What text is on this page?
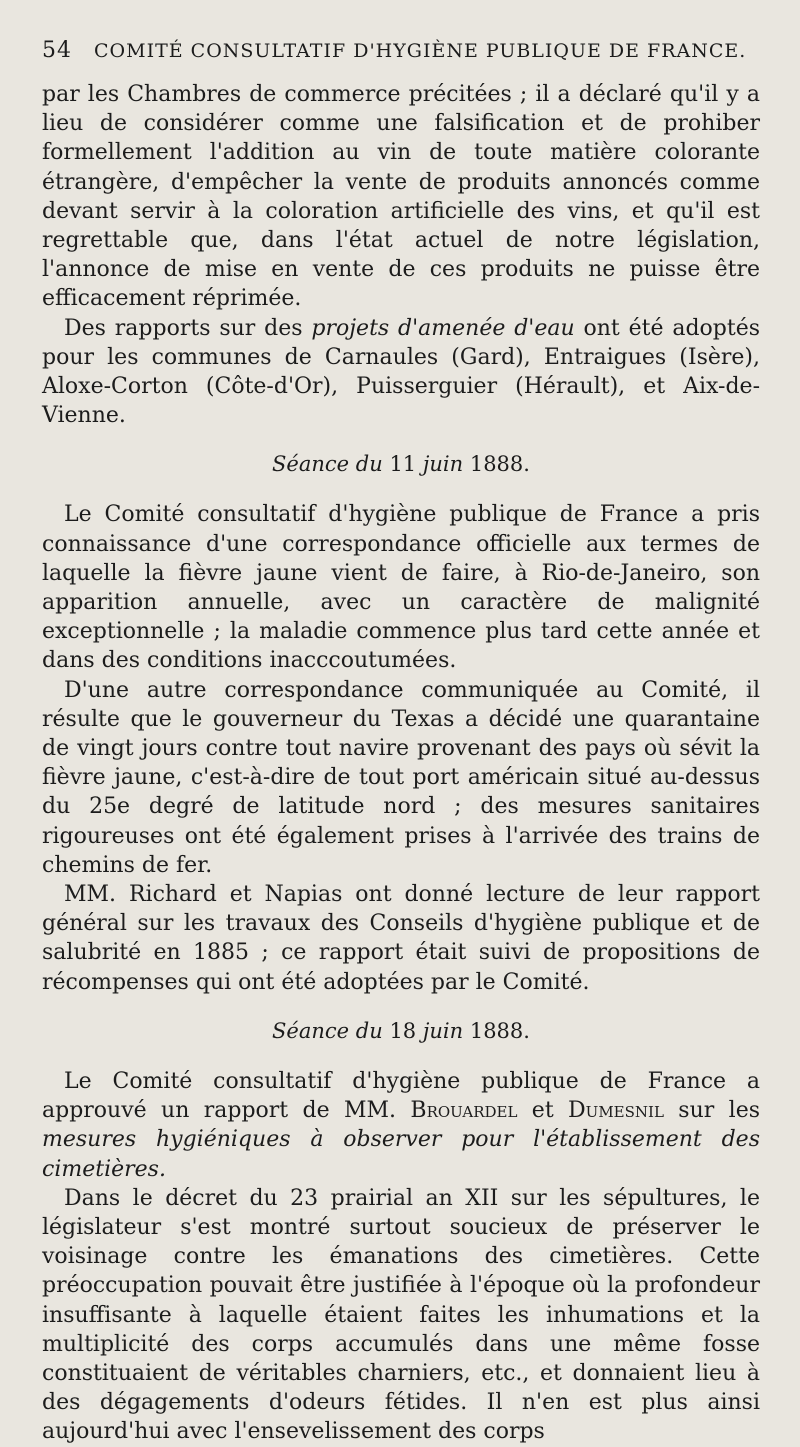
54 COMITÉ CONSULTATIF D'HYGIÈNE PUBLIQUE DE FRANCE.

par les Chambres de commerce précitées ; il a déclaré qu'il y a lieu de considérer comme une falsification et de prohiber formellement l'addition au vin de toute matière colorante étrangère, d'empêcher la vente de produits annoncés comme devant servir à la coloration artificielle des vins, et qu'il est regrettable que, dans l'état actuel de notre législation, l'annonce de mise en vente de ces produits ne puisse être efficacement réprimée.

Des rapports sur des projets d'amenée d'eau ont été adoptés pour les communes de Carnaules (Gard), Entraigues (Isère), Aloxe-Corton (Côte-d'Or), Puisserguier (Hérault), et Aix-de-Vienne.

Séance du 11 juin 1888.

Le Comité consultatif d'hygiène publique de France a pris connaissance d'une correspondance officielle aux termes de laquelle la fièvre jaune vient de faire, à Rio-de-Janeiro, son apparition annuelle, avec un caractère de malignité exceptionnelle ; la maladie commence plus tard cette année et dans des conditions inacccoutumées.

D'une autre correspondance communiquée au Comité, il résulte que le gouverneur du Texas a décidé une quarantaine de vingt jours contre tout navire provenant des pays où sévit la fièvre jaune, c'est-à-dire de tout port américain situé au-dessus du 25e degré de latitude nord ; des mesures sanitaires rigoureuses ont été également prises à l'arrivée des trains de chemins de fer.

MM. Richard et Napias ont donné lecture de leur rapport général sur les travaux des Conseils d'hygiène publique et de salubrité en 1885 ; ce rapport était suivi de propositions de récompenses qui ont été adoptées par le Comité.

Séance du 18 juin 1888.

Le Comité consultatif d'hygiène publique de France a approuvé un rapport de MM. Brouardel et Dumesnil sur les mesures hygiéniques à observer pour l'établissement des cimetières.

Dans le décret du 23 prairial an XII sur les sépultures, le législateur s'est montré surtout soucieux de préserver le voisinage contre les émanations des cimetières. Cette préoccupation pouvait être justifiée à l'époque où la profondeur insuffisante à laquelle étaient faites les inhumations et la multiplicité des corps accumulés dans une même fosse constituaient de véritables charniers, etc., et donnaient lieu à des dégagements d'odeurs fétides. Il n'en est plus ainsi aujourd'hui avec l'ensevelissement des corps
